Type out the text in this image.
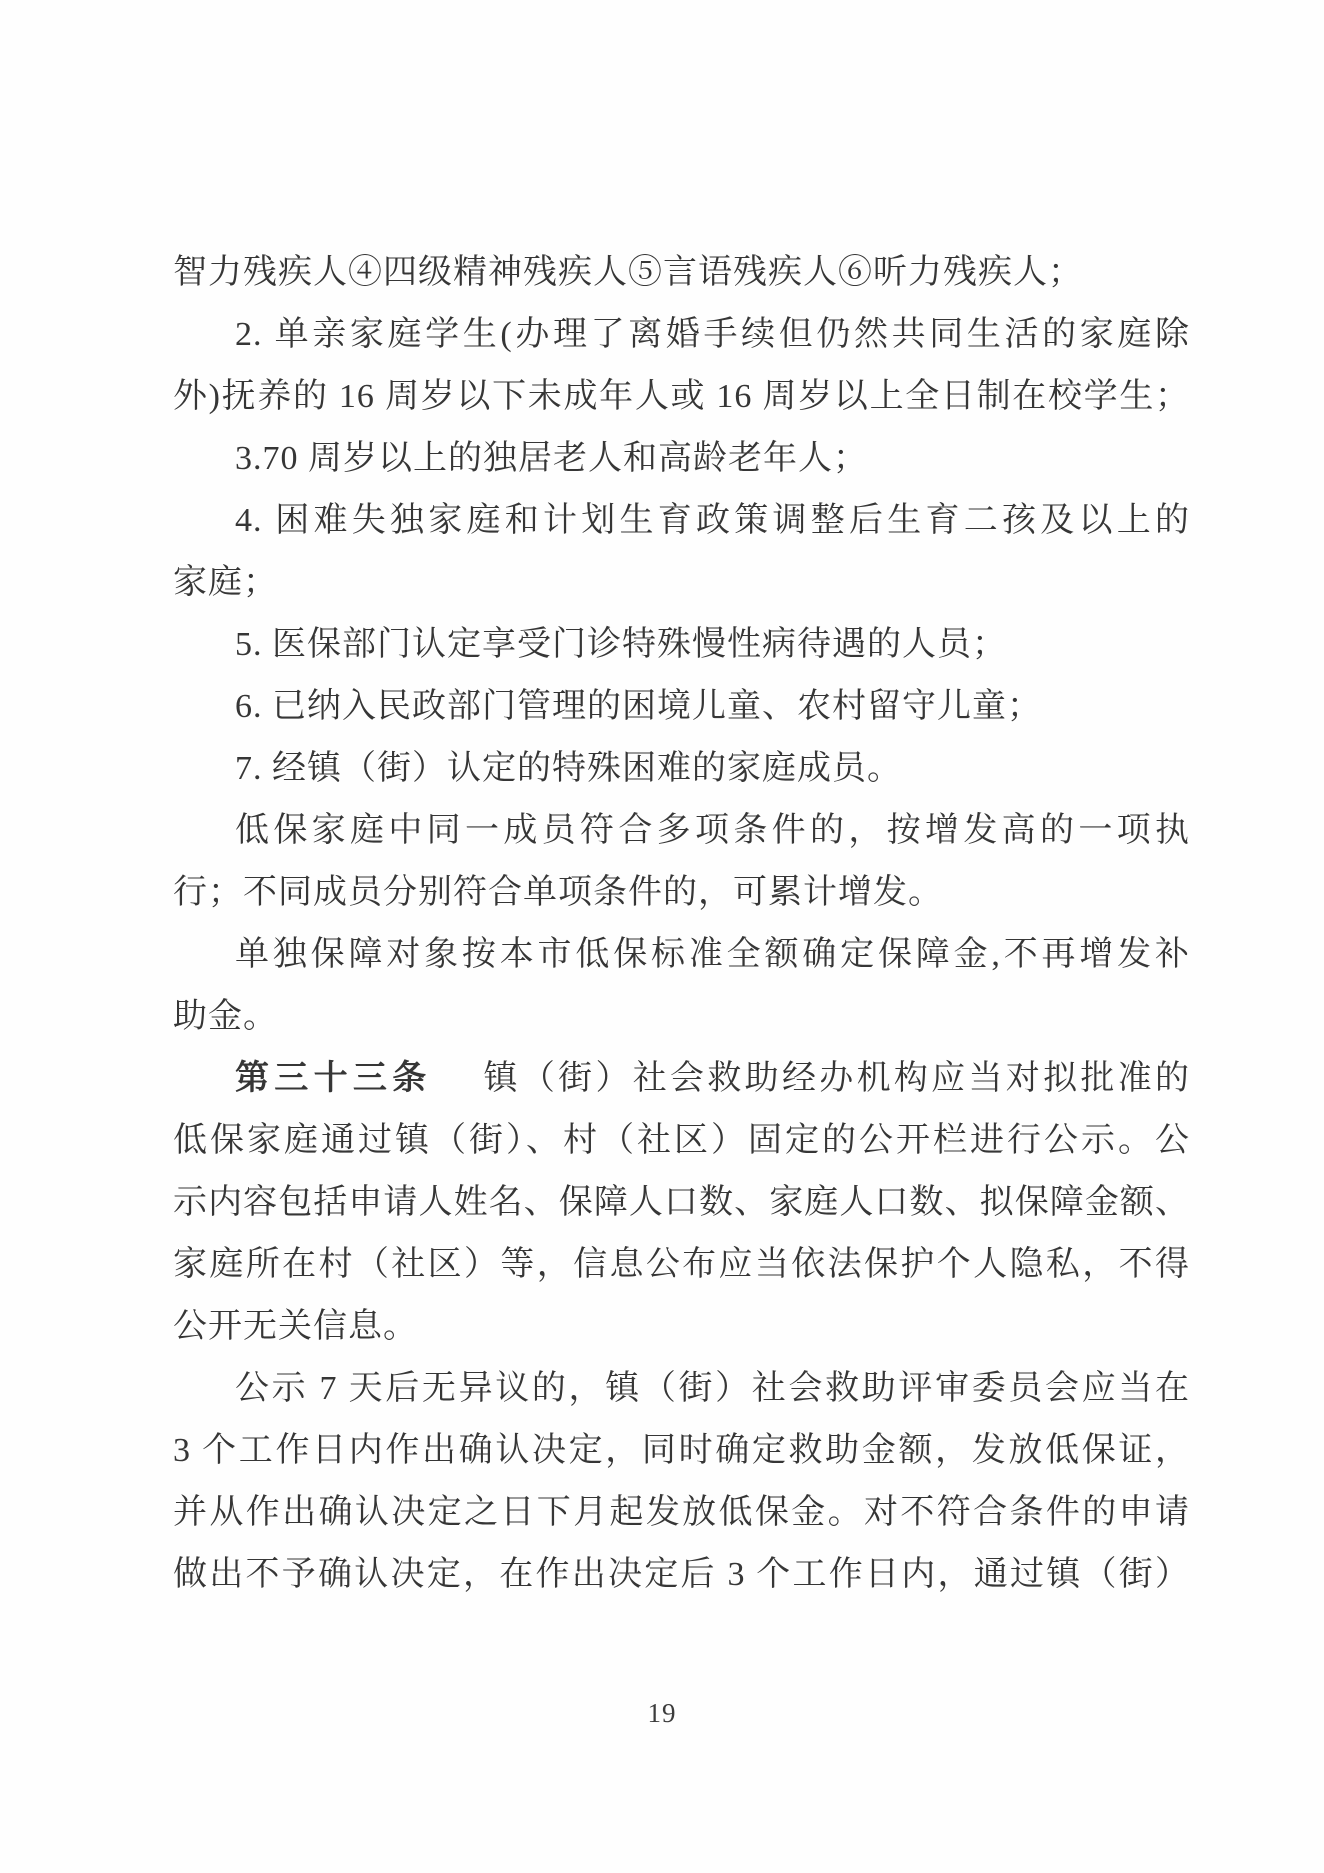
智力残疾人④四级精神残疾人⑤言语残疾人⑥听力残疾人；
2. 单亲家庭学生(办理了离婚手续但仍然共同生活的家庭除
外)抚养的 16 周岁以下未成年人或 16 周岁以上全日制在校学生；
3.70 周岁以上的独居老人和高龄老年人；
4. 困难失独家庭和计划生育政策调整后生育二孩及以上的
家庭；
5. 医保部门认定享受门诊特殊慢性病待遇的人员；
6. 已纳入民政部门管理的困境儿童、农村留守儿童；
7. 经镇（街）认定的特殊困难的家庭成员。
低保家庭中同一成员符合多项条件的，按增发高的一项执
行；不同成员分别符合单项条件的，可累计增发。
单独保障对象按本市低保标准全额确定保障金,不再增发补
助金。
第三十三条 镇（街）社会救助经办机构应当对拟批准的
低保家庭通过镇（街）、村（社区）固定的公开栏进行公示。公
示内容包括申请人姓名、保障人口数、家庭人口数、拟保障金额、
家庭所在村（社区）等，信息公布应当依法保护个人隐私，不得
公开无关信息。
公示 7 天后无异议的，镇（街）社会救助评审委员会应当在
3 个工作日内作出确认决定，同时确定救助金额，发放低保证，
并从作出确认决定之日下月起发放低保金。对不符合条件的申请
做出不予确认决定，在作出决定后 3 个工作日内，通过镇（街）
19
